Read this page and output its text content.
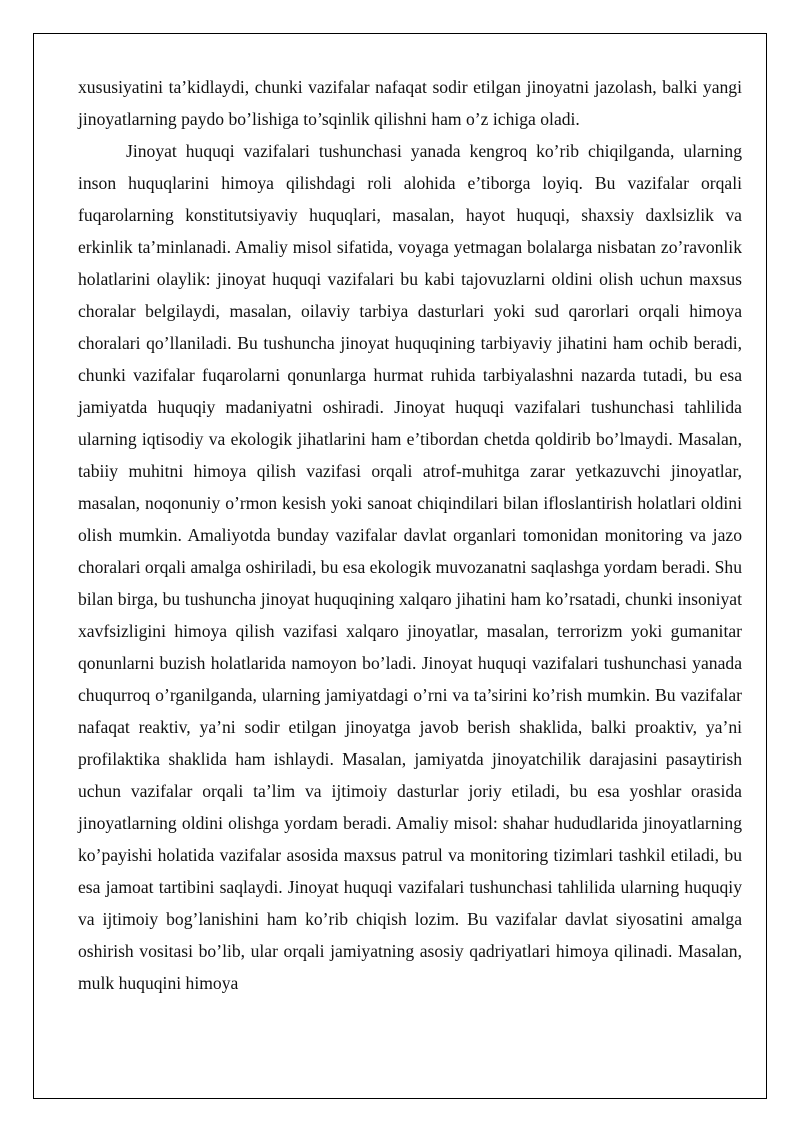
xususiyatini ta’kidlaydi, chunki vazifalar nafaqat sodir etilgan jinoyatni jazolash, balki yangi jinoyatlarning paydo bo’lishiga to’sqinlik qilishni ham o’z ichiga oladi.

Jinoyat huquqi vazifalari tushunchasi yanada kengroq ko’rib chiqilganda, ularning inson huquqlarini himoya qilishdagi roli alohida e’tiborga loyiq. Bu vazifalar orqali fuqarolarning konstitutsiyaviy huquqlari, masalan, hayot huquqi, shaxsiy daxlsizlik va erkinlik ta’minlanadi. Amaliy misol sifatida, voyaga yetmagan bolalarga nisbatan zo’ravonlik holatlarini olaylik: jinoyat huquqi vazifalari bu kabi tajovuzlarni oldini olish uchun maxsus choralar belgilaydi, masalan, oilaviy tarbiya dasturlari yoki sud qarorlari orqali himoya choralari qo’llaniladi. Bu tushuncha jinoyat huquqining tarbiyaviy jihatini ham ochib beradi, chunki vazifalar fuqarolarni qonunlarga hurmat ruhida tarbiyalashni nazarda tutadi, bu esa jamiyatda huquqiy madaniyatni oshiradi. Jinoyat huquqi vazifalari tushunchasi tahlilida ularning iqtisodiy va ekologik jihatlarini ham e’tibordan chetda qoldirib bo’lmaydi. Masalan, tabiiy muhitni himoya qilish vazifasi orqali atrof-muhitga zarar yetkazuvchi jinoyatlar, masalan, noqonuniy o’rmon kesish yoki sanoat chiqindilari bilan ifloslantirish holatlari oldini olish mumkin. Amaliyotda bunday vazifalar davlat organlari tomonidan monitoring va jazo choralari orqali amalga oshiriladi, bu esa ekologik muvozanatni saqlashga yordam beradi. Shu bilan birga, bu tushuncha jinoyat huquqining xalqaro jihatini ham ko’rsatadi, chunki insoniyat xavfsizligini himoya qilish vazifasi xalqaro jinoyatlar, masalan, terrorizm yoki gumanitar qonunlarni buzish holatlarida namoyon bo’ladi. Jinoyat huquqi vazifalari tushunchasi yanada chuqurroq o’rganilganda, ularning jamiyatdagi o’rni va ta’sirini ko’rish mumkin. Bu vazifalar nafaqat reaktiv, ya’ni sodir etilgan jinoyatga javob berish shaklida, balki proaktiv, ya’ni profilaktika shaklida ham ishlaydi. Masalan, jamiyatda jinoyatchilik darajasini pasaytirish uchun vazifalar orqali ta’lim va ijtimoiy dasturlar joriy etiladi, bu esa yoshlar orasida jinoyatlarning oldini olishga yordam beradi. Amaliy misol: shahar hududlarida jinoyatlarning ko’payishi holatida vazifalar asosida maxsus patrul va monitoring tizimlari tashkil etiladi, bu esa jamoat tartibini saqlaydi. Jinoyat huquqi vazifalari tushunchasi tahlilida ularning huquqiy va ijtimoiy bog’lanishini ham ko’rib chiqish lozim. Bu vazifalar davlat siyosatini amalga oshirish vositasi bo’lib, ular orqali jamiyatning asosiy qadriyatlari himoya qilinadi. Masalan, mulk huquqini himoya
